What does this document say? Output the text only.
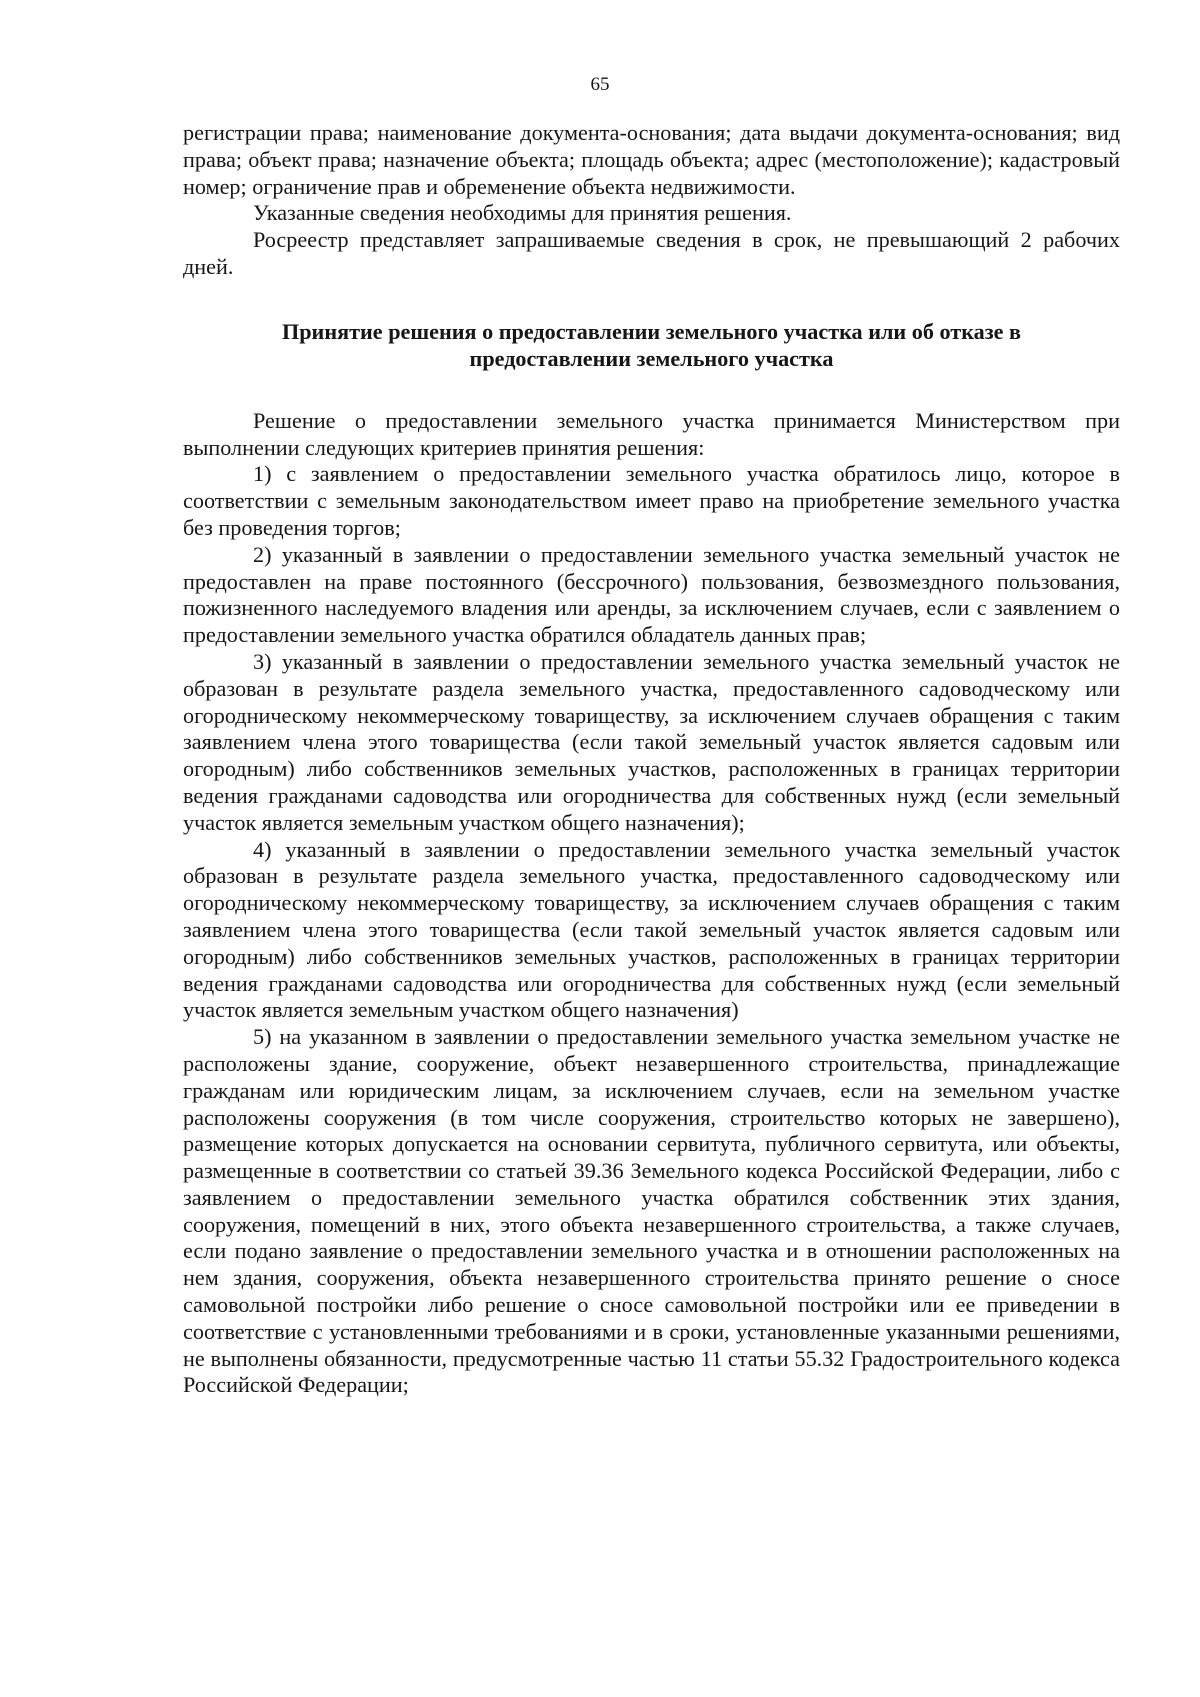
65

регистрации права; наименование документа-основания; дата выдачи документа-основания; вид права; объект права; назначение объекта; площадь объекта; адрес (местоположение); кадастровый номер; ограничение прав и обременение объекта недвижимости.

Указанные сведения необходимы для принятия решения.

Росреестр представляет запрашиваемые сведения в срок, не превышающий 2 рабочих дней.

Принятие решения о предоставлении земельного участка или об отказе в
предоставлении земельного участка

Решение о предоставлении земельного участка принимается Министерством при выполнении следующих критериев принятия решения:

1) с заявлением о предоставлении земельного участка обратилось лицо, которое в соответствии с земельным законодательством имеет право на приобретение земельного участка без проведения торгов;

2) указанный в заявлении о предоставлении земельного участка земельный участок не предоставлен на праве постоянного (бессрочного) пользования, безвозмездного пользования, пожизненного наследуемого владения или аренды, за исключением случаев, если с заявлением о предоставлении земельного участка обратился обладатель данных прав;

3) указанный в заявлении о предоставлении земельного участка земельный участок не образован в результате раздела земельного участка, предоставленного садоводческому или огородническому некоммерческому товариществу, за исключением случаев обращения с таким заявлением члена этого товарищества (если такой земельный участок является садовым или огородным) либо собственников земельных участков, расположенных в границах территории ведения гражданами садоводства или огородничества для собственных нужд (если земельный участок является земельным участком общего назначения);

4) указанный в заявлении о предоставлении земельного участка земельный участок образован в результате раздела земельного участка, предоставленного садоводческому или огородническому некоммерческому товариществу, за исключением случаев обращения с таким заявлением члена этого товарищества (если такой земельный участок является садовым или огородным) либо собственников земельных участков, расположенных в границах территории ведения гражданами садоводства или огородничества для собственных нужд (если земельный участок является земельным участком общего назначения)

5) на указанном в заявлении о предоставлении земельного участка земельном участке не расположены здание, сооружение, объект незавершенного строительства, принадлежащие гражданам или юридическим лицам, за исключением случаев, если на земельном участке расположены сооружения (в том числе сооружения, строительство которых не завершено), размещение которых допускается на основании сервитута, публичного сервитута, или объекты, размещенные в соответствии со статьей 39.36 Земельного кодекса Российской Федерации, либо с заявлением о предоставлении земельного участка обратился собственник этих здания, сооружения, помещений в них, этого объекта незавершенного строительства, а также случаев, если подано заявление о предоставлении земельного участка и в отношении расположенных на нем здания, сооружения, объекта незавершенного строительства принято решение о сносе самовольной постройки либо решение о сносе самовольной постройки или ее приведении в соответствие с установленными требованиями и в сроки, установленные указанными решениями, не выполнены обязанности, предусмотренные частью 11 статьи 55.32 Градостроительного кодекса Российской Федерации;
